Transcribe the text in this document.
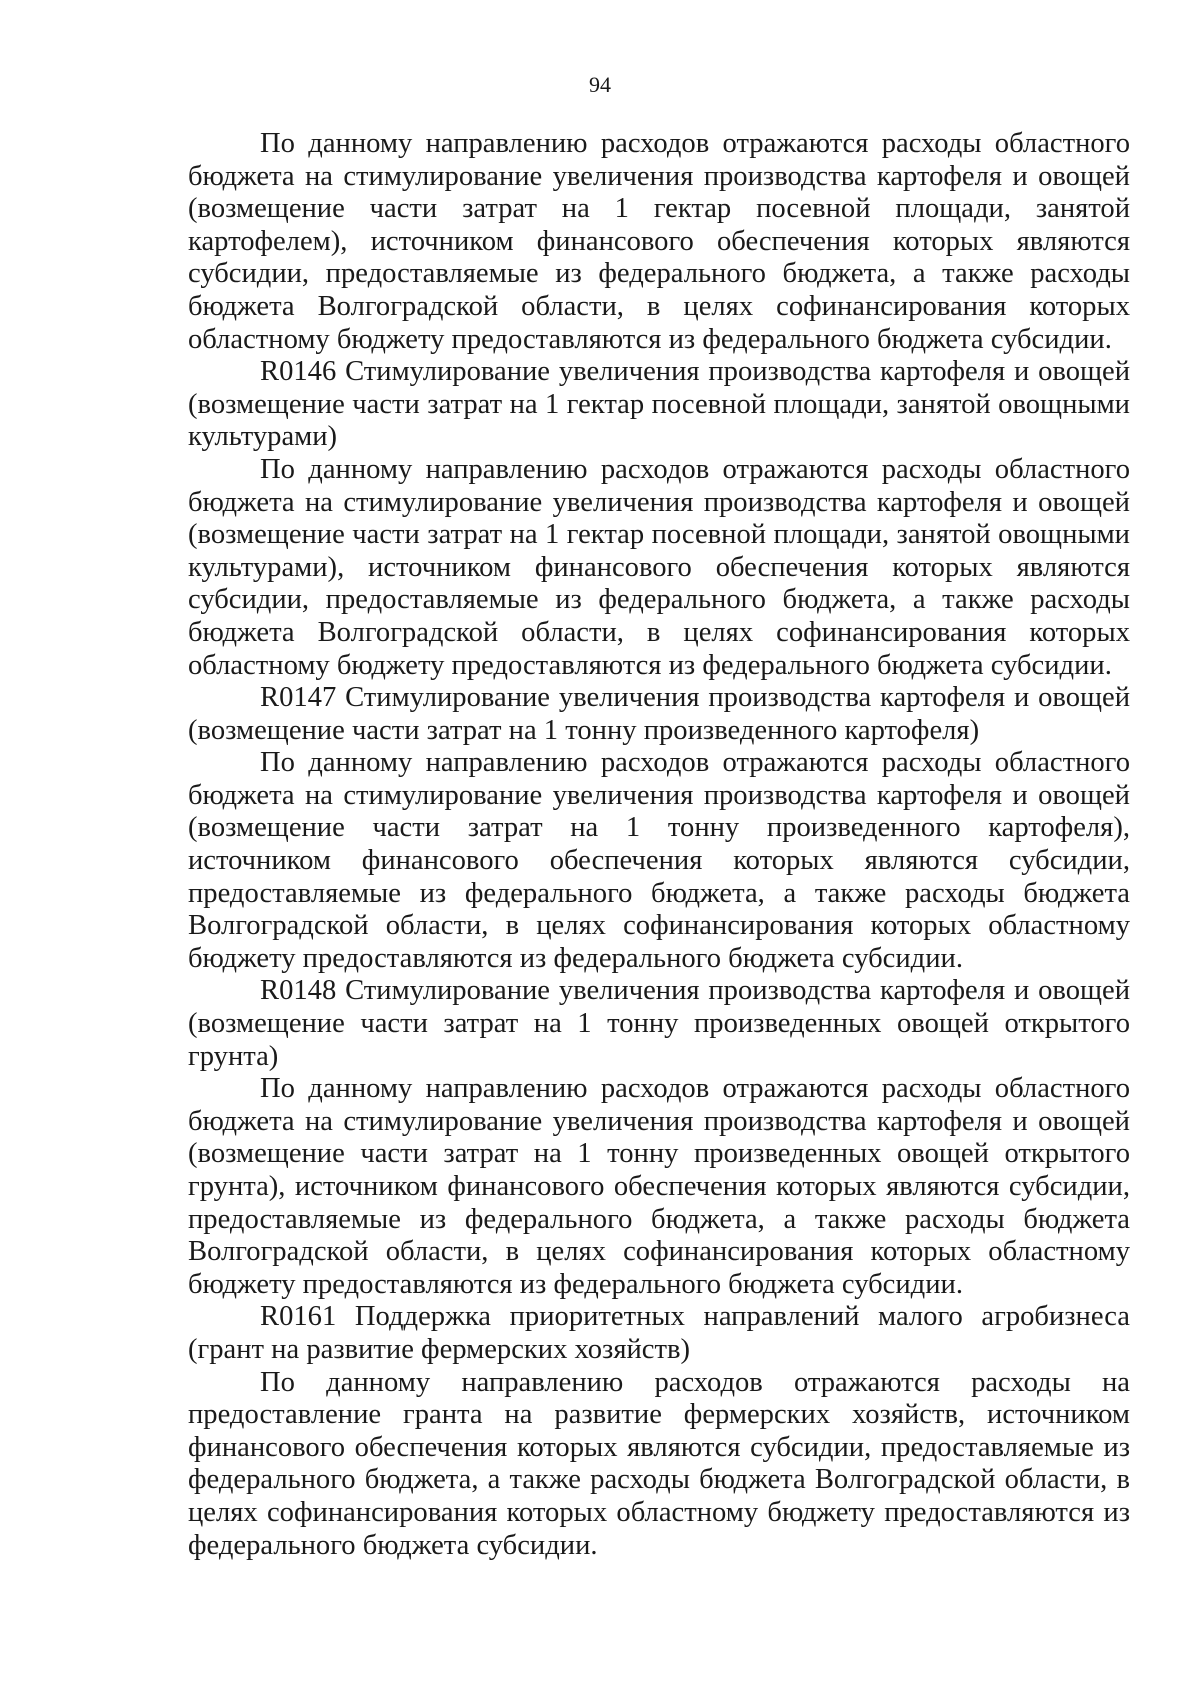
94

По данному направлению расходов отражаются расходы областного бюджета на стимулирование увеличения производства картофеля и овощей (возмещение части затрат на 1 гектар посевной площади, занятой картофелем), источником финансового обеспечения которых являются субсидии, предоставляемые из федерального бюджета, а также расходы бюджета Волгоградской области, в целях софинансирования которых областному бюджету предоставляются из федерального бюджета субсидии.

R0146 Стимулирование увеличения производства картофеля и овощей (возмещение части затрат на 1 гектар посевной площади, занятой овощными культурами)

По данному направлению расходов отражаются расходы областного бюджета на стимулирование увеличения производства картофеля и овощей (возмещение части затрат на 1 гектар посевной площади, занятой овощными культурами), источником финансового обеспечения которых являются субсидии, предоставляемые из федерального бюджета, а также расходы бюджета Волгоградской области, в целях софинансирования которых областному бюджету предоставляются из федерального бюджета субсидии.

R0147 Стимулирование увеличения производства картофеля и овощей (возмещение части затрат на 1 тонну произведенного картофеля)

По данному направлению расходов отражаются расходы областного бюджета на стимулирование увеличения производства картофеля и овощей (возмещение части затрат на 1 тонну произведенного картофеля), источником финансового обеспечения которых являются субсидии, предоставляемые из федерального бюджета, а также расходы бюджета Волгоградской области, в целях софинансирования которых областному бюджету предоставляются из федерального бюджета субсидии.

R0148 Стимулирование увеличения производства картофеля и овощей (возмещение части затрат на 1 тонну произведенных овощей открытого грунта)

По данному направлению расходов отражаются расходы областного бюджета на стимулирование увеличения производства картофеля и овощей (возмещение части затрат на 1 тонну произведенных овощей открытого грунта), источником финансового обеспечения которых являются субсидии, предоставляемые из федерального бюджета, а также расходы бюджета Волгоградской области, в целях софинансирования которых областному бюджету предоставляются из федерального бюджета субсидии.

R0161 Поддержка приоритетных направлений малого агробизнеса (грант на развитие фермерских хозяйств)

По данному направлению расходов отражаются расходы на предоставление гранта на развитие фермерских хозяйств, источником финансового обеспечения которых являются субсидии, предоставляемые из федерального бюджета, а также расходы бюджета Волгоградской области, в целях софинансирования которых областному бюджету предоставляются из федерального бюджета субсидии.
